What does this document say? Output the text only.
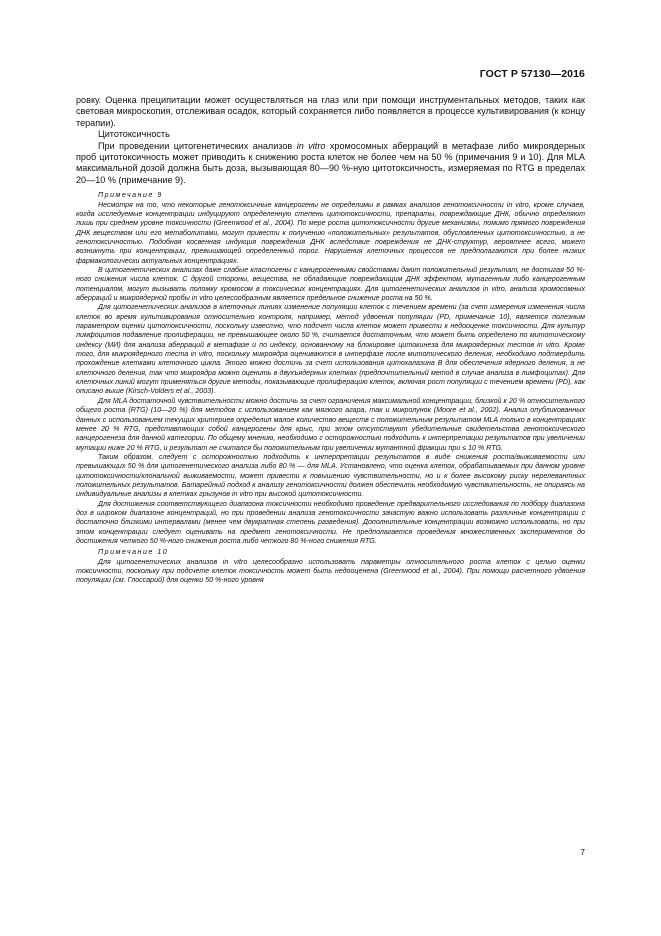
ГОСТ Р 57130—2016

ровку. Оценка преципитации может осуществляться на глаз или при помощи инструментальных методов, таких как световая микроскопия, отслеживая осадок, который сохраняется либо появляется в процессе культивирования (к концу терапии).

Цитотоксичность

При проведении цитогенетических анализов in vitro хромосомных аберраций в метафазе либо микроядерных проб цитотоксичность может приводить к снижению роста клеток не более чем на 50 % (примечания 9 и 10). Для MLA максимальной дозой должна быть доза, вызывающая 80—90 %-ную цитотоксичность, измеряемая по RTG в пределах 20—10 % (примечание 9).

Примечание 9

Несмотря на то, что некоторые генотоксичные канцерогены не определимы в рамках анализов генотоксичности in vitro, кроме случаев, когда исследуемые концентрации индуцируют определенную степень цитотоксичности, препараты, повреждающие ДНК, обычно определяют лишь при среднем уровне токсичности (Greenwood et al., 2004). По мере роста цитотоксичности другие механизмы, помимо прямого повреждения ДНК веществом или его метаболитами, могут привести к получению «положительных» результатов, обусловленных цитотоксичностью, а не генотоксичностью. Подобная косвенная индукция повреждения ДНК вследствие повреждения не ДНК-структур, вероятнее всего, может возникнуть при концентрации, превышающей определенный порог. Нарушения клеточных процессов не предполагаются при более низких фармакологически актуальных концентрациях.

В цитогенетических анализах даже слабые кластогены с канцерогенными свойствами дают положительный результат, не достигая 50 %-ного снижения числа клеток. С другой стороны, вещества, не обладающие повреждающим ДНК эффектом, мутагенным либо канцерогенным потенциалом, могут вызывать поломку хромосом в токсических концентрациях. Для цитогенетических анализов in vitro, анализа хромосомных аберраций и микроядерной пробы in vitro целесообразным является предельное снижение роста на 50 %.

Для цитогенетических анализов в клеточных линиях изменение популяции клеток с течением времени (за счет измерения изменения числа клеток во время культивирования относительно контроля, например, метод удвоения популяции (PD, примечание 10), является полезным параметром оценки цитотоксичности, поскольку известно, что подсчет числа клеток может привести к недооценке токсичности. Для культур лимфоцитов подавление пролиферации, не превышающее около 50 %, считается достаточным, что может быть определено по митотическому индексу (МИ) для анализа аберраций в метафазе и по индексу, основанному на блокировке цитокинеза для микроядерных тестов in vitro. Кроме того, для микроядерного теста in vitro, поскольку микроядра оцениваются в интерфазе после митотического деления, необходимо подтвердить прохождение клетками клеточного цикла. Этого можно достичь за счет использования цитохалазина B для обеспечения ядерного деления, а не клеточного деления, так что микроядра можно оценить в двухъядерных клетках (предпочтительный метод в случае анализа в лимфоцитах). Для клеточных линий могут применяться другие методы, показывающие пролиферацию клеток, включая рост популяции с течением времени (PD), как описано выше (Kirsch-Volders et al., 2003).

Для MLA достаточной чувствительности можно достичь за счет ограничения максимальной концентрации, близкой к 20 % относительного общего роста (RTG) (10—20 %) для методов с использованием как мягкого агара, так и микролунок (Moore et al., 2002). Анализ опубликованных данных с использованием текущих критериев определил малое количество веществ с положительным результатом MLA только в концентрациях менее 20 % RTG, представляющих собой канцерогены для крыс, при этом отсутствуют убедительные свидетельства генотоксического канцерогенеза для данной категории. По общему мнению, необходимо с осторожностью подходить к интерпретации результатов при увеличении мутации ниже 20 % RTG, и результат не считался бы положительным при увеличении мутантной фракции при ≤ 10 % RTG.

Таким образом, следует с осторожностью подходить к интерпретации результатов в виде снижения роста/выживаемости или превышающих 50 % для цитогенетического анализа либо 80 % — для MLA. Установлено, что оценка клеток, обрабатываемых при данном уровне цитотоксичности/клональной выживаемости, может привести к повышению чувствительности, но и к более высокому риску нерелевантных положительных результатов. Батарейный подход к анализу генотоксичности должен обеспечить необходимую чувствительность, не опираясь на индивидуальные анализы в клетках грызунов in vitro при высокой цитотоксичности.

Для достижения соответствующего диапазона токсичности необходимо проведение предварительного исследования по подбору диапазона доз в широком диапазоне концентраций, но при проведении анализа генотоксичности зачастую важно использовать различные концентрации с достаточно близкими интервалами (менее чем двукратная степень разведения). Дополнительные концентрации возможно использовать, но при этом концентрации следует оценивать на предмет генотоксичности. Не предполагается проведения множественных экспериментов до достижения четкого 50 %-ного снижения роста либо четкого 80 %-ного снижения RTG.

Примечание 10

Для цитогенетических анализов in vitro целесообразно использовать параметры относительного роста клеток с целью оценки токсичности, поскольку при подсчете клеток токсичность может быть недооценена (Greenwood et al., 2004). При помощи расчетного удвоения популяции (см. Глоссарий) для оценки 50 %-ного уровня

7
